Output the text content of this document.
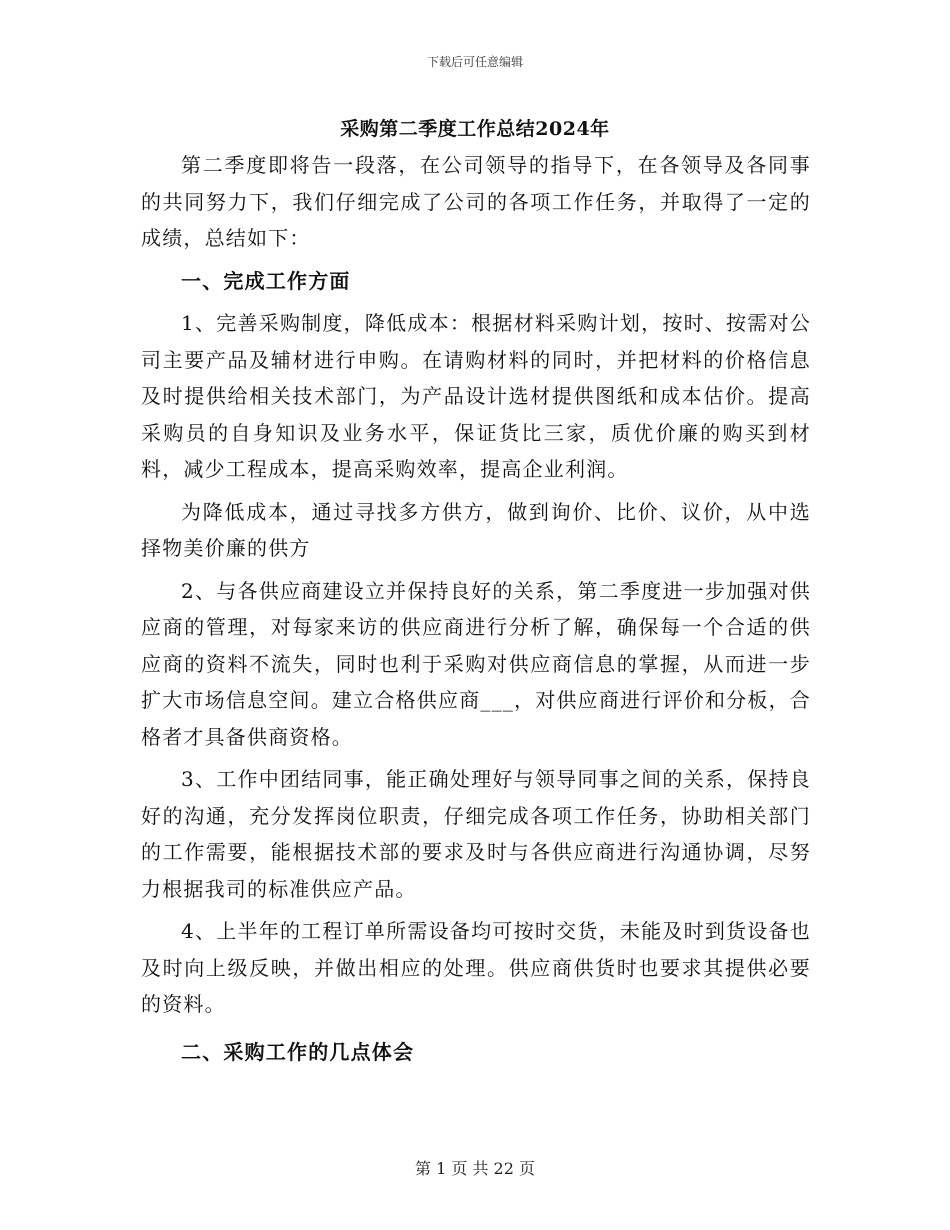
下载后可任意编辑
采购第二季度工作总结2024年

第二季度即将告一段落，在公司领导的指导下，在各领导及各同事的共同努力下，我们仔细完成了公司的各项工作任务，并取得了一定的成绩，总结如下：

一、完成工作方面

1、完善采购制度，降低成本：根据材料采购计划，按时、按需对公司主要产品及辅材进行申购。在请购材料的同时，并把材料的价格信息及时提供给相关技术部门，为产品设计选材提供图纸和成本估价。提高采购员的自身知识及业务水平，保证货比三家，质优价廉的购买到材料，减少工程成本，提高采购效率，提高企业利润。

为降低成本，通过寻找多方供方，做到询价、比价、议价，从中选择物美价廉的供方

2、与各供应商建设立并保持良好的关系，第二季度进一步加强对供应商的管理，对每家来访的供应商进行分析了解，确保每一个合适的供应商的资料不流失，同时也利于采购对供应商信息的掌握，从而进一步扩大市场信息空间。建立合格供应商___，对供应商进行评价和分板，合格者才具备供商资格。

3、工作中团结同事，能正确处理好与领导同事之间的关系，保持良好的沟通，充分发挥岗位职责，仔细完成各项工作任务，协助相关部门的工作需要，能根据技术部的要求及时与各供应商进行沟通协调，尽努力根据我司的标准供应产品。

4、上半年的工程订单所需设备均可按时交货，未能及时到货设备也及时向上级反映，并做出相应的处理。供应商供货时也要求其提供必要的资料。

二、采购工作的几点体会

第 1 页 共 22 页
